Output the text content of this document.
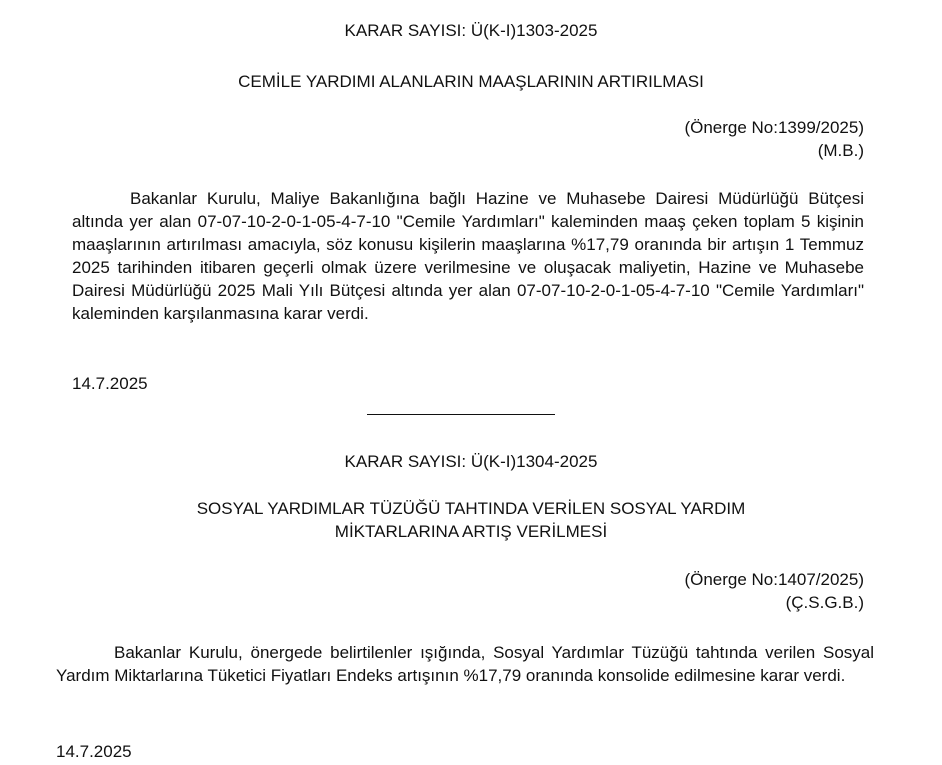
KARAR SAYISI: Ü(K-I)1303-2025
CEMİLE YARDIMI ALANLARIN MAAŞLARININ ARTIRILMASI
(Önerge No:1399/2025)
(M.B.)

Bakanlar Kurulu, Maliye Bakanlığına bağlı Hazine ve Muhasebe Dairesi Müdürlüğü Bütçesi altında yer alan 07-07-10-2-0-1-05-4-7-10 "Cemile Yardımları" kaleminden maaş çeken toplam 5 kişinin maaşlarının artırılması amacıyla, söz konusu kişilerin maaşlarına %17,79 oranında bir artışın 1 Temmuz 2025 tarihinden itibaren geçerli olmak üzere verilmesine ve oluşacak maliyetin, Hazine ve Muhasebe Dairesi Müdürlüğü 2025 Mali Yılı Bütçesi altında yer alan 07-07-10-2-0-1-05-4-7-10 "Cemile Yardımları" kaleminden karşılanmasına karar verdi.

14.7.2025
KARAR SAYISI: Ü(K-I)1304-2025
SOSYAL YARDIMLAR TÜZÜĞÜ TAHTINDA VERİLEN SOSYAL YARDIM
MİKTARLARINA ARTIŞ VERİLMESİ
(Önerge No:1407/2025)
(Ç.S.G.B.)

Bakanlar Kurulu, önergede belirtilenler ışığında, Sosyal Yardımlar Tüzüğü tahtında verilen Sosyal Yardım Miktarlarına Tüketici Fiyatları Endeks artışının %17,79 oranında konsolide edilmesine karar verdi.

14.7.2025
